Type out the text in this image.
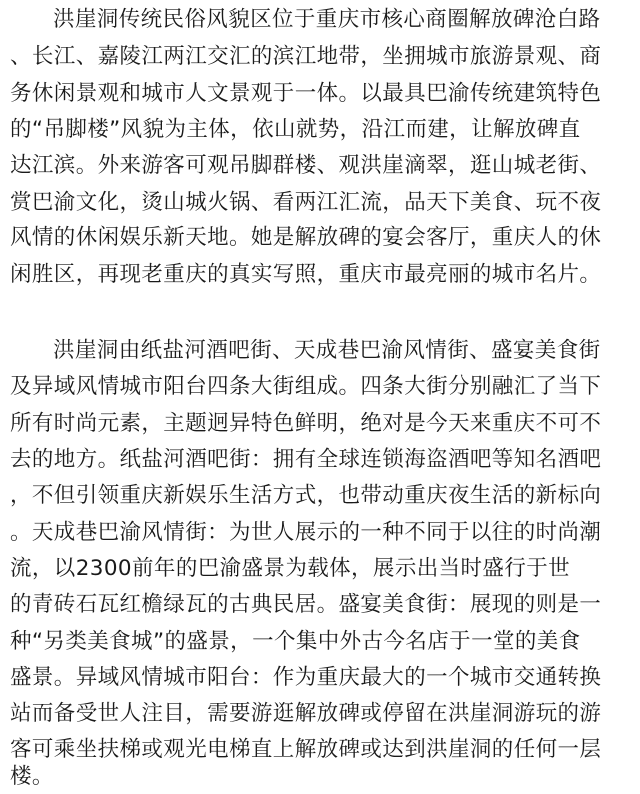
洪崖洞传统民俗风貌区位于重庆市核心商圈解放碑沧白路
、长江、嘉陵江两江交汇的滨江地带，坐拥城市旅游景观、商
务休闲景观和城市人文景观于一体。以最具巴渝传统建筑特色
的“吊脚楼”风貌为主体，依山就势，沿江而建，让解放碑直
达江滨。外来游客可观吊脚群楼、观洪崖滴翠，逛山城老街、
赏巴渝文化，烫山城火锅、看两江汇流，品天下美食、玩不夜
风情的休闲娱乐新天地。她是解放碑的宴会客厅，重庆人的休
闲胜区，再现老重庆的真实写照，重庆市最亮丽的城市名片。
洪崖洞由纸盐河酒吧街、天成巷巴渝风情街、盛宴美食街
及异域风情城市阳台四条大街组成。四条大街分别融汇了当下
所有时尚元素，主题迥异特色鲜明，绝对是今天来重庆不可不
去的地方。纸盐河酒吧街：拥有全球连锁海盗酒吧等知名酒吧
，不但引领重庆新娱乐生活方式，也带动重庆夜生活的新标向
。天成巷巴渝风情街：为世人展示的一种不同于以往的时尚潮
流，以2300前年的巴渝盛景为载体，展示出当时盛行于世
的青砖石瓦红檐绿瓦的古典民居。盛宴美食街：展现的则是一
种“另类美食城”的盛景，一个集中外古今名店于一堂的美食
盛景。异域风情城市阳台：作为重庆最大的一个城市交通转换
站而备受世人注目，需要游逛解放碑或停留在洪崖洞游玩的游
客可乘坐扶梯或观光电梯直上解放碑或达到洪崖洞的任何一层
楼。
